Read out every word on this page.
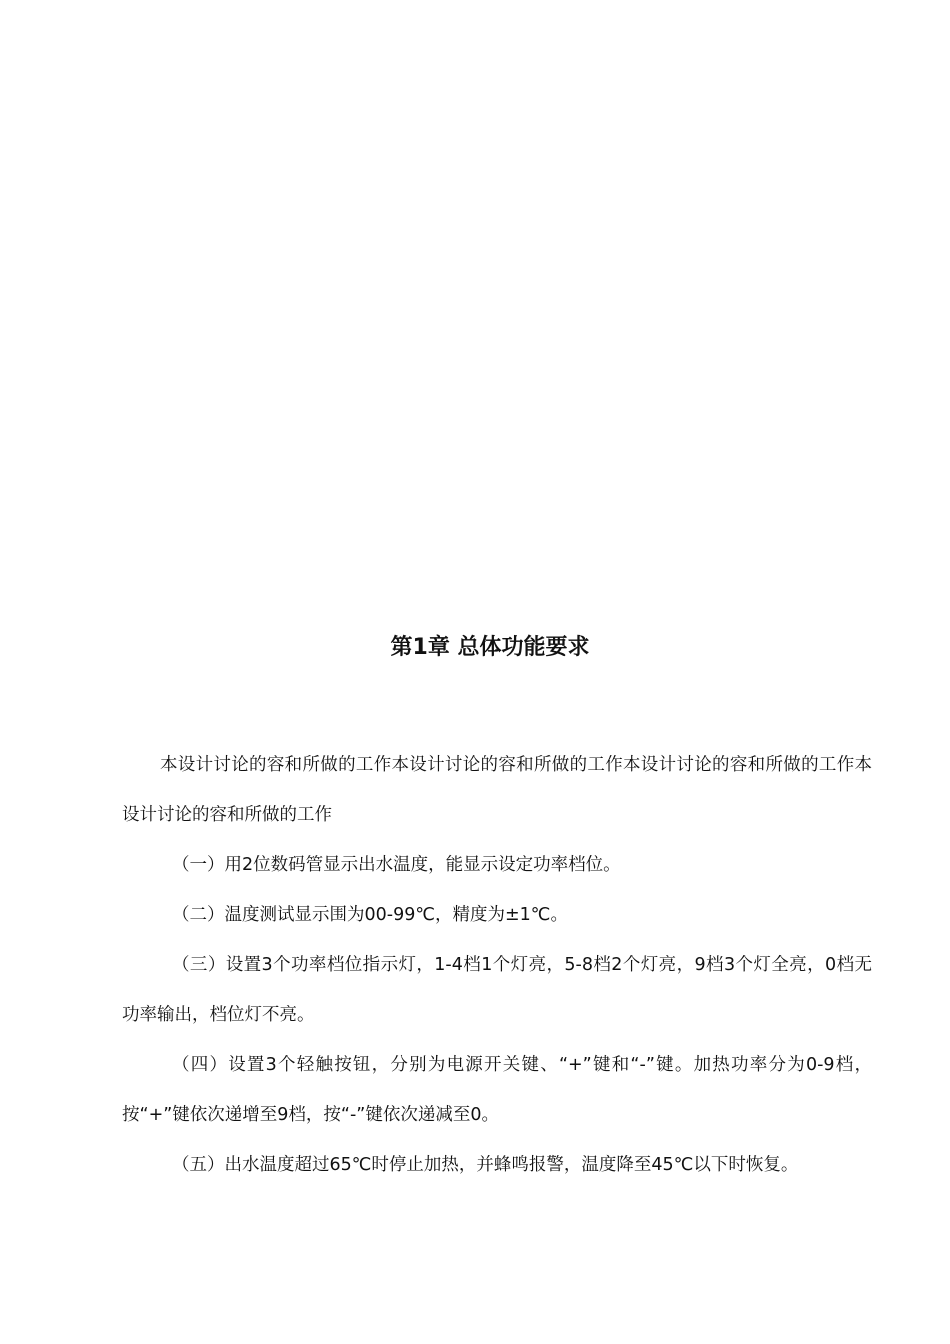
第1章 总体功能要求

本设计讨论的容和所做的工作本设计讨论的容和所做的工作本设计讨论的容和所做的工作本设计讨论的容和所做的工作

（一）用2位数码管显示出水温度，能显示设定功率档位。

（二）温度测试显示围为00-99℃，精度为±1℃。

（三）设置3个功率档位指示灯，1-4档1个灯亮，5-8档2个灯亮，9档3个灯全亮，0档无功率输出，档位灯不亮。

（四）设置3个轻触按钮，分别为电源开关键、“+”键和“-”键。加热功率分为0-9档，按“+”键依次递增至9档，按“-”键依次递减至0。

（五）出水温度超过65℃时停止加热，并蜂鸣报警，温度降至45℃以下时恢复。
